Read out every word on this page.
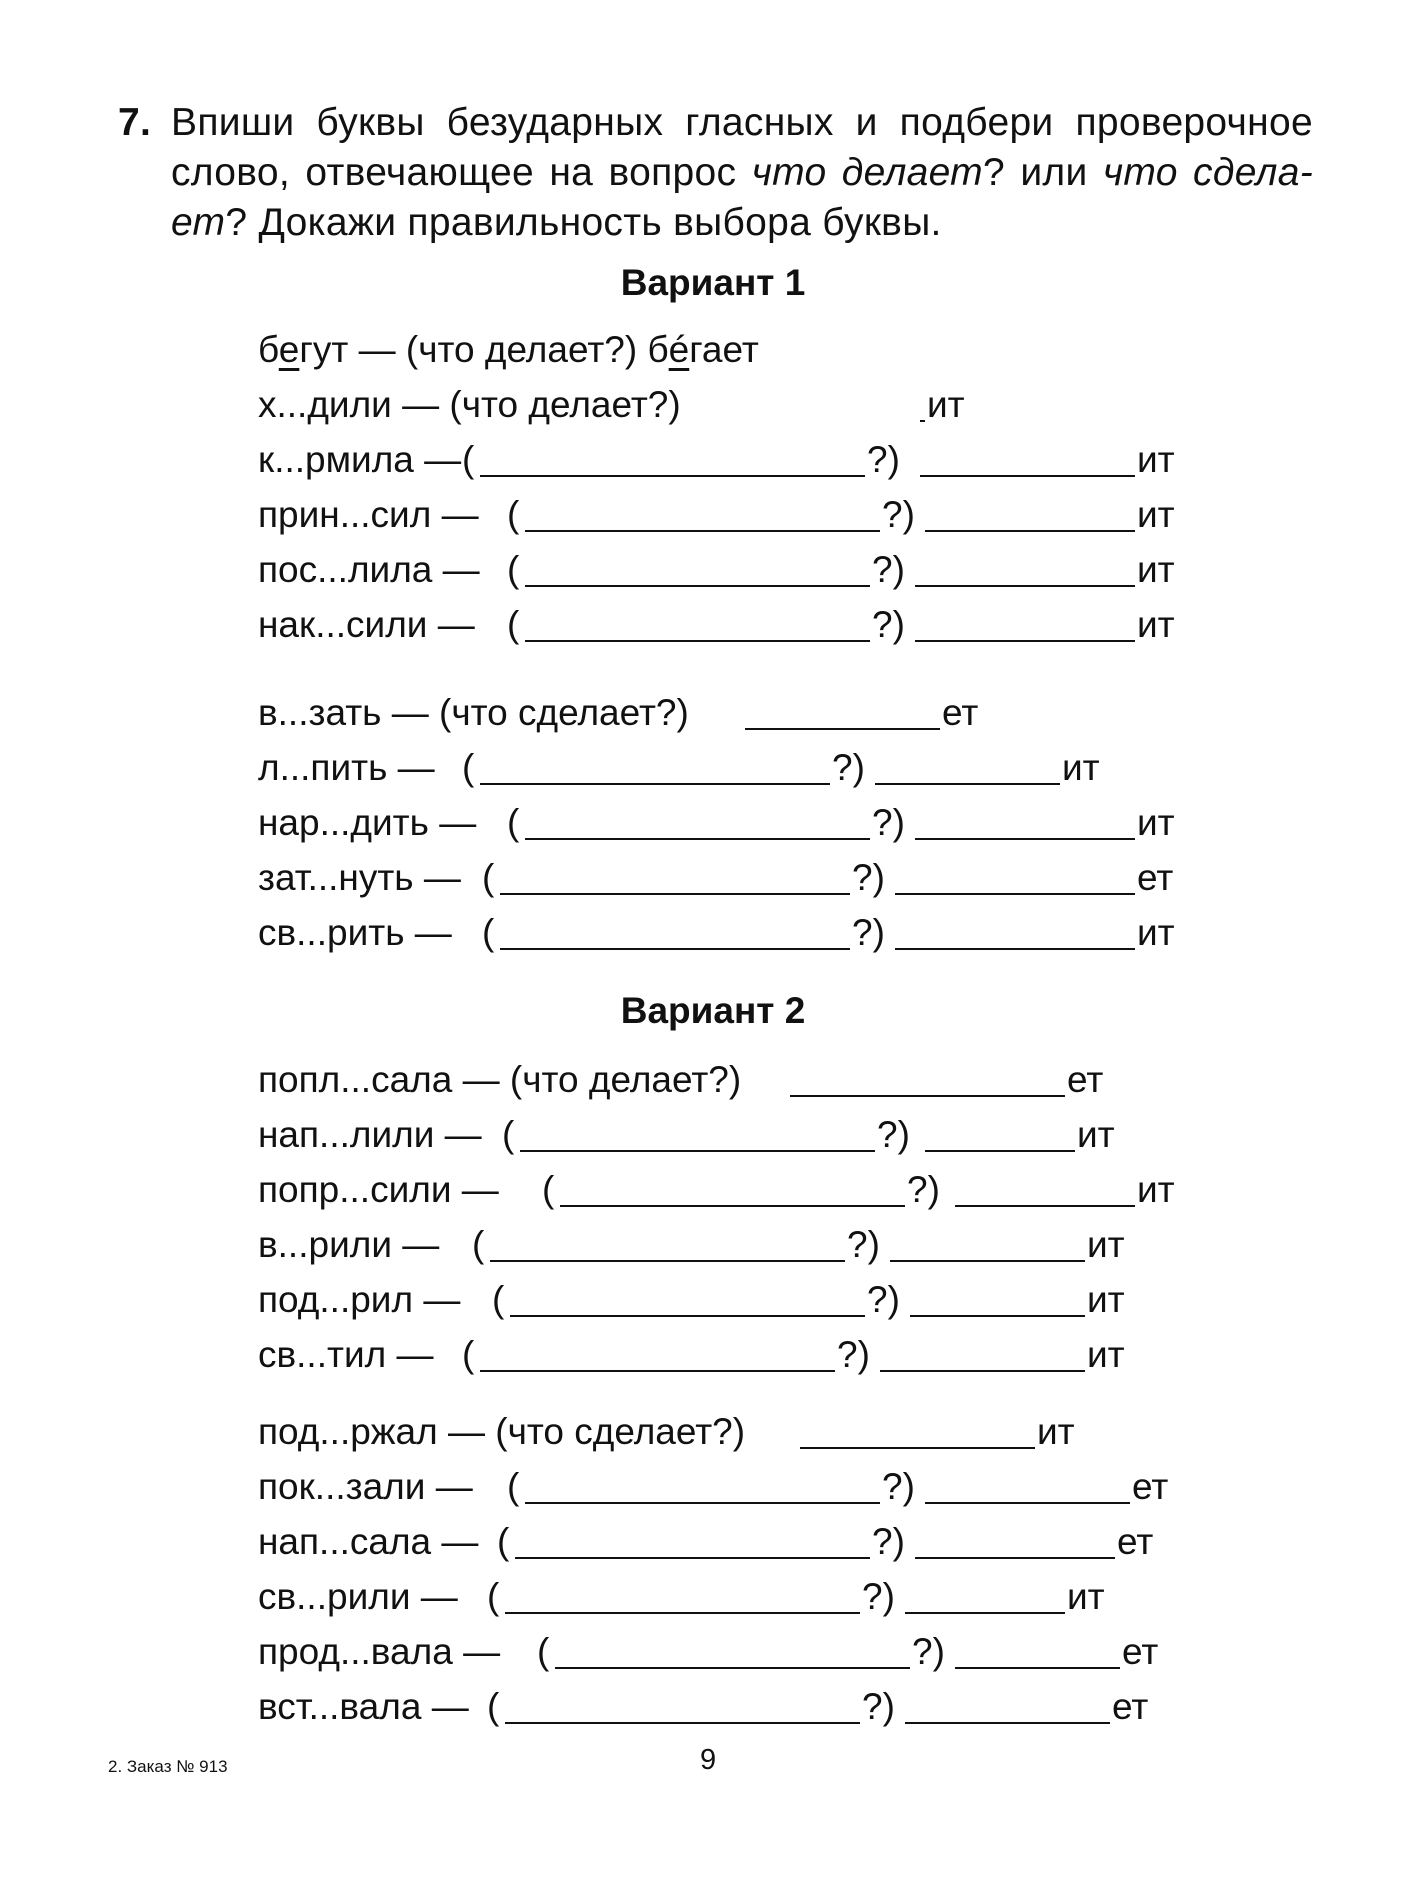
7. Впиши буквы безударных гласных и подбери проверочное
слово, отвечающее на вопрос что делает? или что сдела-
ет? Докажи правильность выбора буквы.
Вариант 1
бегут — (что делает?) бéгает
х...дили — (что делает?)	ит
к...рмила — (	?)	ит
прин...сил — (	?)	ит
пос...лила — (	?)	ит
нак...сили — (	?)	ит
в...зать — (что сделает?)	ет
л...пить — (	?)	ит
нар...дить — (	?)	ит
зат...нуть — (	?)	ет
св...рить — (	?)	ит
Вариант 2
попл...сала — (что делает?)	ет
нап...лили — (	?)	ит
попр...сили — (	?)	ит
в...рили — (	?)	ит
под...рил — (	?)	ит
св...тил — (	?)	ит
под...ржал — (что сделает?)	ит
пок...зали — (	?)	ет
нап...сала — (	?)	ет
св...рили — (	?)	ит
прод...вала — (	?)	ет
вст...вала — (	?)	ет
2. Заказ № 913	9
